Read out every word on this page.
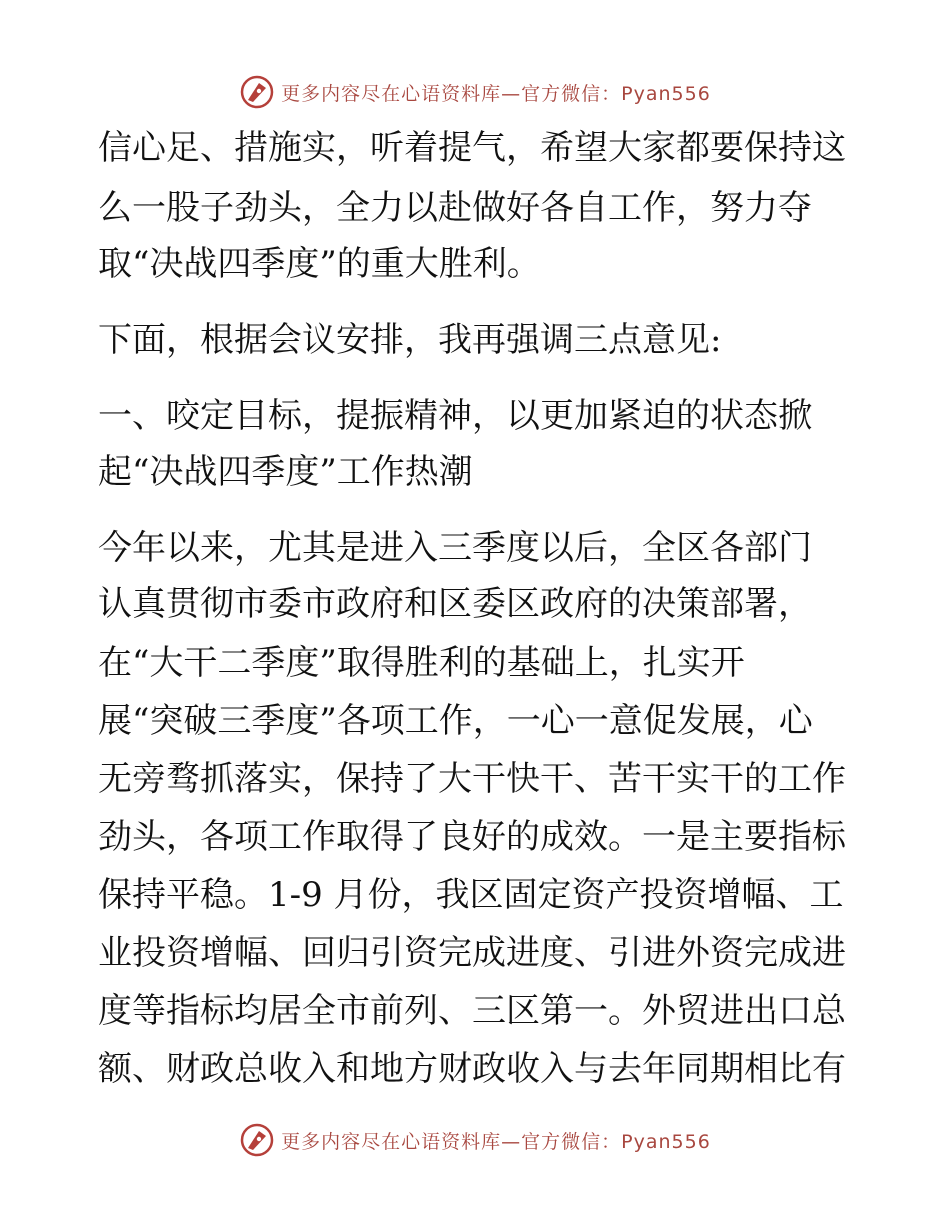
更多内容尽在心语资料库—官方微信：Pyan556
信心足、措施实，听着提气，希望大家都要保持这
么一股子劲头，全力以赴做好各自工作，努力夺
取“决战四季度”的重大胜利。
下面，根据会议安排，我再强调三点意见:
一、咬定目标，提振精神，以更加紧迫的状态掀
起“决战四季度”工作热潮
今年以来，尤其是进入三季度以后，全区各部门
认真贯彻市委市政府和区委区政府的决策部署，
在“大干二季度”取得胜利的基础上，扎实开
展“突破三季度”各项工作，一心一意促发展，心
无旁骛抓落实，保持了大干快干、苦干实干的工作
劲头，各项工作取得了良好的成效。一是主要指标
保持平稳。1-9 月份，我区固定资产投资增幅、工
业投资增幅、回归引资完成进度、引进外资完成进
度等指标均居全市前列、三区第一。外贸进出口总
额、财政总收入和地方财政收入与去年同期相比有
更多内容尽在心语资料库—官方微信：Pyan556
